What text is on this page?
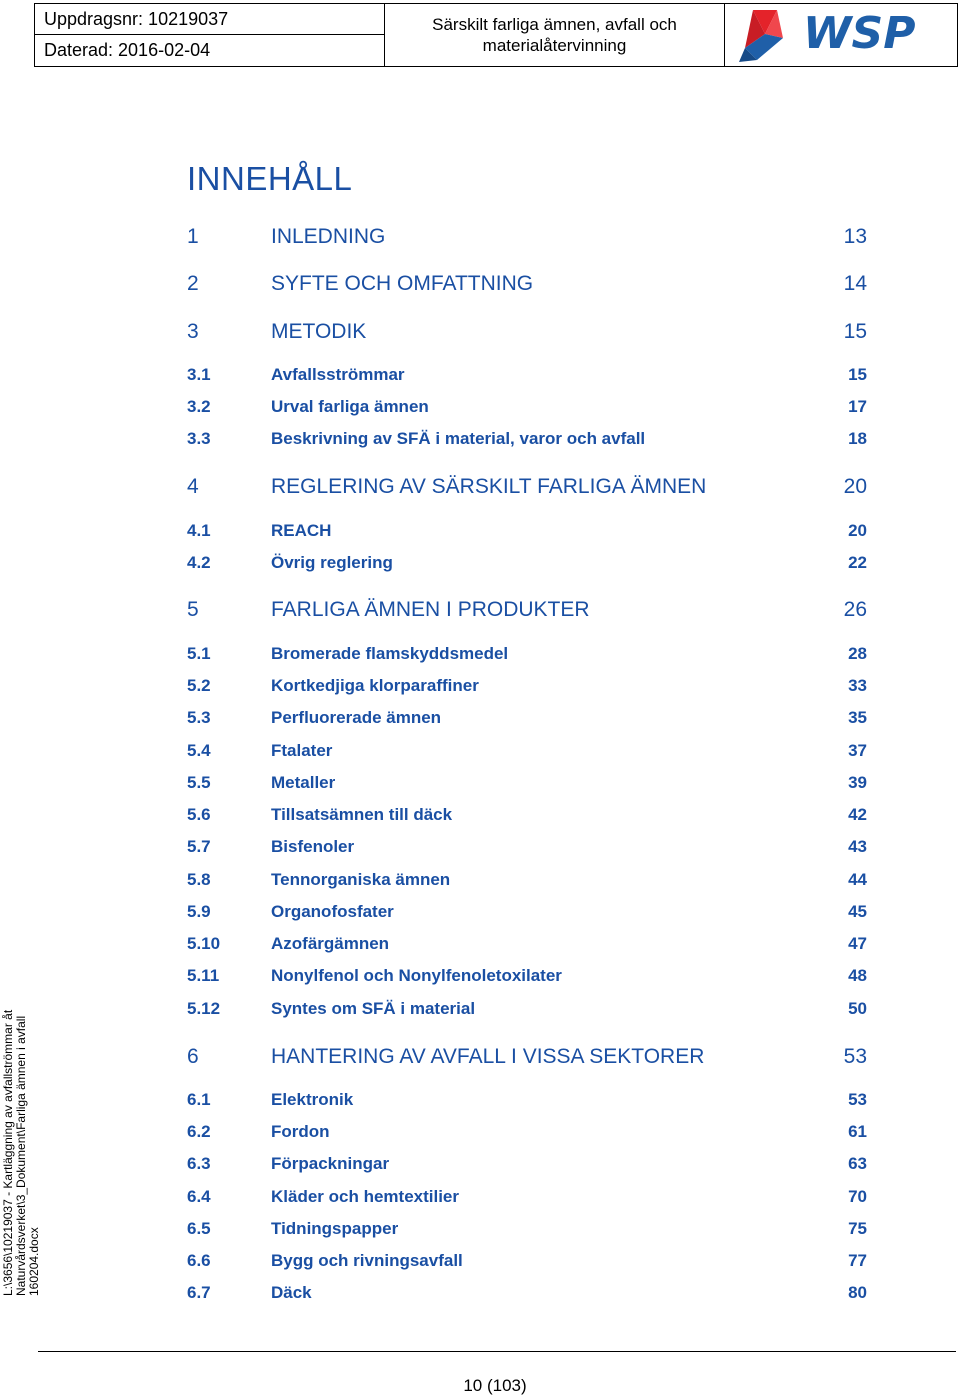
Uppdragsnr: 10219037
Daterad: 2016-02-04
Särskilt farliga ämnen, avfall och materialåtervinning	WSP
INNEHÅLL
1	INLEDNING	13
2	SYFTE OCH OMFATTNING	14
3	METODIK	15
3.1	Avfallsströmmar	15
3.2	Urval farliga ämnen	17
3.3	Beskrivning av SFÄ i material, varor och avfall	18
4	REGLERING AV SÄRSKILT FARLIGA ÄMNEN	20
4.1	REACH	20
4.2	Övrig reglering	22
5	FARLIGA ÄMNEN I PRODUKTER	26
5.1	Bromerade flamskyddsmedel	28
5.2	Kortkedjiga klorparaffiner	33
5.3	Perfluorerade ämnen	35
5.4	Ftalater	37
5.5	Metaller	39
5.6	Tillsatsämnen till däck	42
5.7	Bisfenoler	43
5.8	Tennorganiska ämnen	44
5.9	Organofosfater	45
5.10	Azofärgämnen	47
5.11	Nonylfenol och Nonylfenoletoxilater	48
5.12	Syntes om SFÄ i material	50
6	HANTERING AV AVFALL I VISSA SEKTORER	53
6.1	Elektronik	53
6.2	Fordon	61
6.3	Förpackningar	63
6.4	Kläder och hemtextilier	70
6.5	Tidningspapper	75
6.6	Bygg och rivningsavfall	77
6.7	Däck	80
L:\3656\10219037 - Kartläggning av avfallströmmar åt Naturvårdsverket\3_Dokument\Farliga ämnen i avfall 160204.docx
10 (103)
